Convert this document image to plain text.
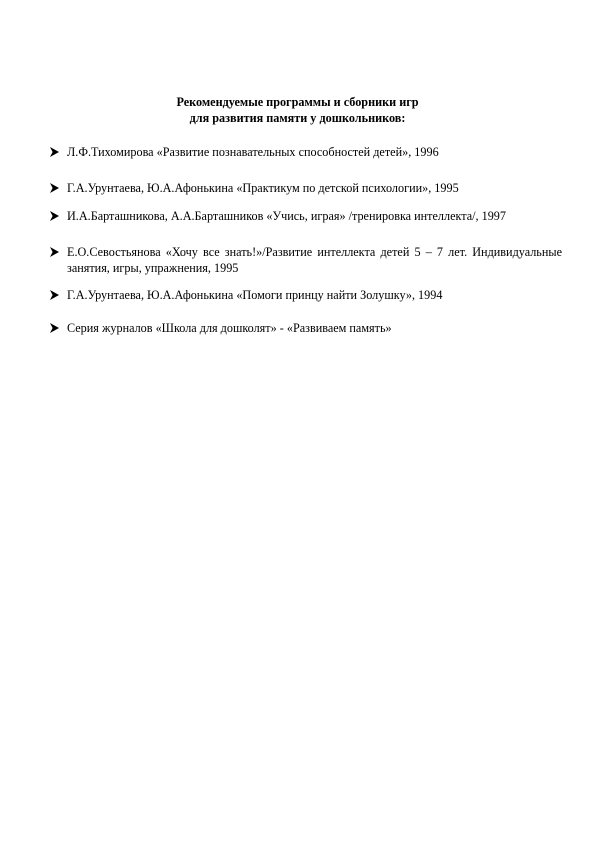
Рекомендуемые программы и сборники игр
для развития памяти у дошкольников:
Л.Ф.Тихомирова «Развитие познавательных способностей детей», 1996
Г.А.Урунтаева, Ю.А.Афонькина «Практикум по детской психологии», 1995
И.А.Барташникова, А.А.Барташников «Учись, играя» /тренировка интеллекта/, 1997
Е.О.Севостьянова «Хочу все знать!»/Развитие интеллекта детей 5 – 7 лет. Индивидуальные занятия, игры, упражнения, 1995
Г.А.Урунтаева, Ю.А.Афонькина «Помоги принцу найти Золушку», 1994
Серия журналов «Школа для дошколят» - «Развиваем память»
